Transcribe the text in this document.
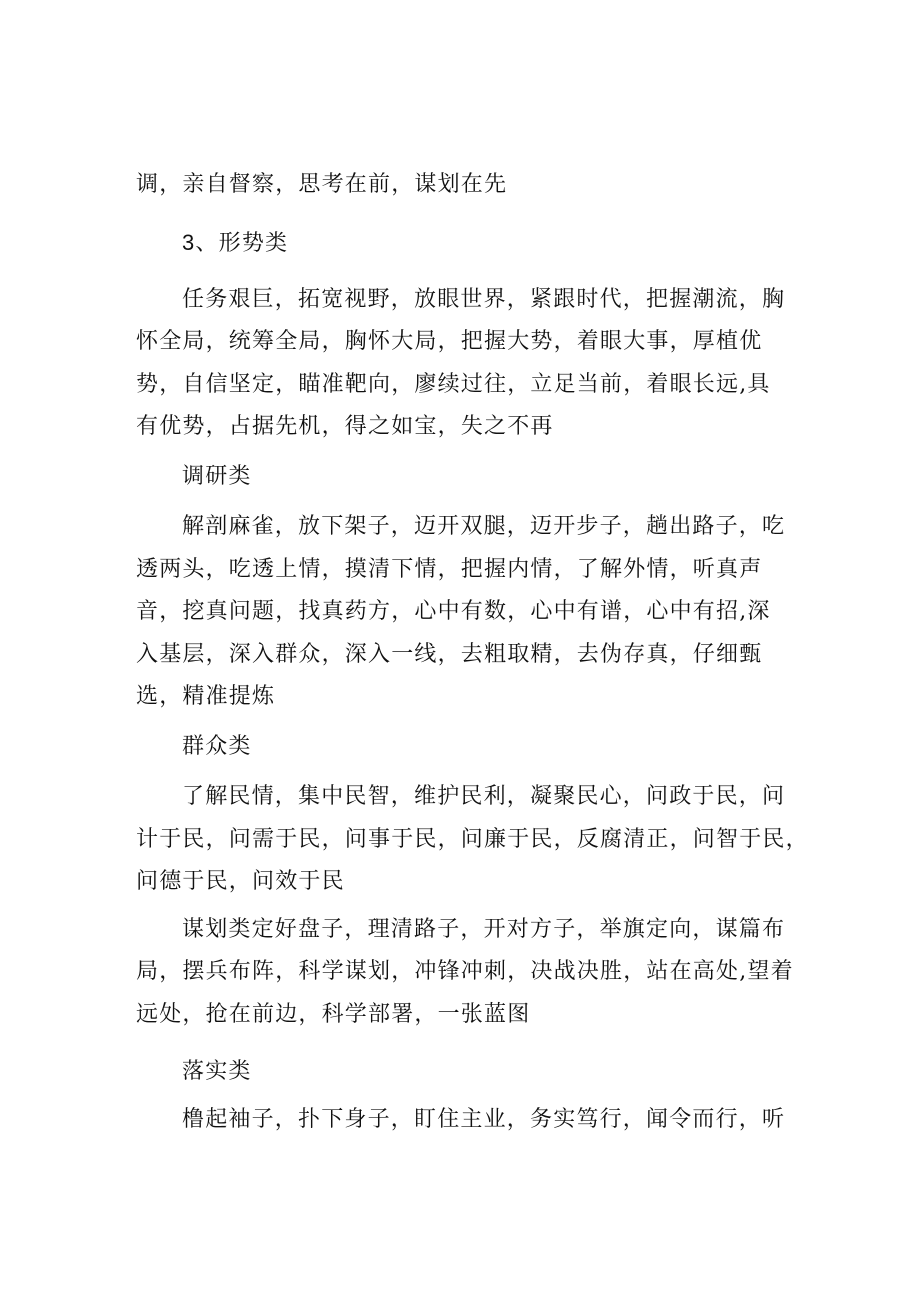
调，亲自督察，思考在前，谋划在先
3、形势类
任务艰巨，拓宽视野，放眼世界，紧跟时代，把握潮流，胸
怀全局，统筹全局，胸怀大局，把握大势，着眼大事，厚植优
势，自信坚定，瞄准靶向，廖续过往，立足当前，着眼长远,具
有优势，占据先机，得之如宝，失之不再
调研类
解剖麻雀，放下架子，迈开双腿，迈开步子，趟出路子，吃
透两头，吃透上情，摸清下情，把握内情，了解外情，听真声
音，挖真问题，找真药方，心中有数，心中有谱，心中有招,深
入基层，深入群众，深入一线，去粗取精，去伪存真，仔细甄
选，精准提炼
群众类
了解民情，集中民智，维护民利，凝聚民心，问政于民，问
计于民，问需于民，问事于民，问廉于民，反腐清正，问智于民，
问德于民，问效于民
谋划类定好盘子，理清路子，开对方子，举旗定向，谋篇布
局，摆兵布阵，科学谋划，冲锋冲刺，决战决胜，站在高处,望着
远处，抢在前边，科学部署，一张蓝图
落实类
橹起袖子，扑下身子，盯住主业，务实笃行，闻令而行，听
